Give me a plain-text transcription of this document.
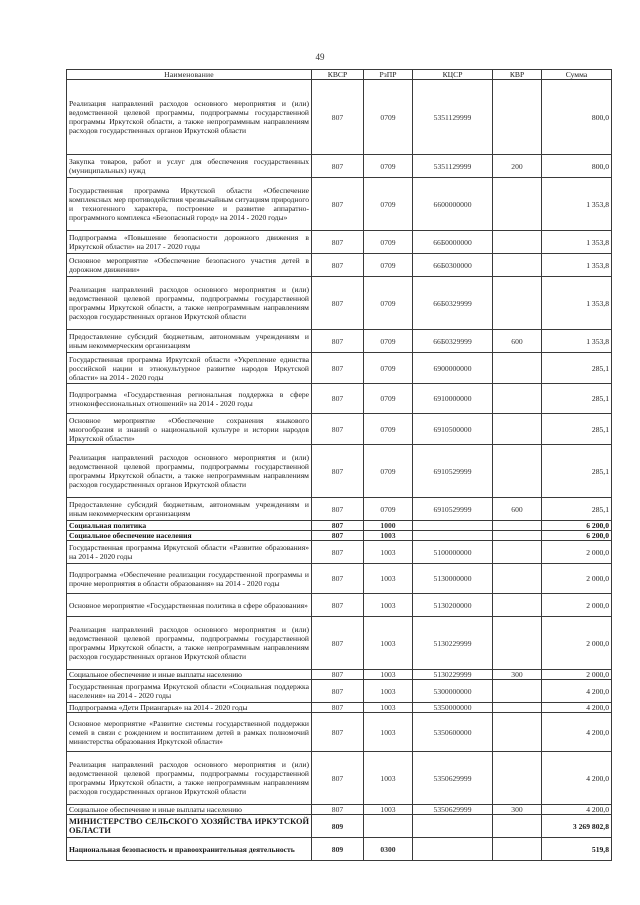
49
Наименование	КВСР	РзПР	КЦСР	КВР	Сумма
Реализация направлений расходов основного мероприятия и (или) ведомственной целевой программы, подпрограммы государственной программы Иркутской области, а также непрограммным направлениям расходов государственных органов Иркутской области	807	0709	5351129999		800,0
Закупка товаров, работ и услуг для обеспечения государственных (муниципальных) нужд	807	0709	5351129999	200	800,0
Государственная программа Иркутской области «Обеспечение комплексных мер противодействия чрезвычайным ситуациям природного и техногенного характера, построение и развитие аппаратно-программного комплекса «Безопасный город» на 2014 - 2020 годы»	807	0709	6600000000		1 353,8
Подпрограмма «Повышение безопасности дорожного движения в Иркутской области» на 2017 - 2020 годы	807	0709	66Б0000000		1 353,8
Основное мероприятие «Обеспечение безопасного участия детей в дорожном движении»	807	0709	66Б0300000		1 353,8
Реализация направлений расходов основного мероприятия и (или) ведомственной целевой программы, подпрограммы государственной программы Иркутской области, а также непрограммным направлениям расходов государственных органов Иркутской области	807	0709	66Б0329999		1 353,8
Предоставление субсидий бюджетным, автономным учреждениям и иным некоммерческим организациям	807	0709	66Б0329999	600	1 353,8
Государственная программа Иркутской области «Укрепление единства российской нации и этнокультурное развитие народов Иркутской области» на 2014 - 2020 годы	807	0709	6900000000		285,1
Подпрограмма «Государственная региональная поддержка в сфере этноконфессиональных отношений» на 2014 - 2020 годы	807	0709	6910000000		285,1
Основное мероприятие «Обеспечение сохранения языкового многообразия и знаний о национальной культуре и истории народов Иркутской области»	807	0709	6910500000		285,1
Реализация направлений расходов основного мероприятия и (или) ведомственной целевой программы, подпрограммы государственной программы Иркутской области, а также непрограммным направлениям расходов государственных органов Иркутской области	807	0709	6910529999		285,1
Предоставление субсидий бюджетным, автономным учреждениям и иным некоммерческим организациям	807	0709	6910529999	600	285,1
Социальная политика	807	1000			6 200,0
Социальное обеспечение населения	807	1003			6 200,0
Государственная программа Иркутской области «Развитие образования» на 2014 - 2020 годы	807	1003	5100000000		2 000,0
Подпрограмма «Обеспечение реализации государственной программы и прочие мероприятия в области образования» на 2014 - 2020 годы	807	1003	5130000000		2 000,0
Основное мероприятие «Государственная политика в сфере образования»	807	1003	5130200000		2 000,0
Реализация направлений расходов основного мероприятия и (или) ведомственной целевой программы, подпрограммы государственной программы Иркутской области, а также непрограммным направлениям расходов государственных органов Иркутской области	807	1003	5130229999		2 000,0
Социальное обеспечение и иные выплаты населению	807	1003	5130229999	300	2 000,0
Государственная программа Иркутской области «Социальная поддержка населения» на 2014 - 2020 годы	807	1003	5300000000		4 200,0
Подпрограмма «Дети Приангарья» на 2014 - 2020 годы	807	1003	5350000000		4 200,0
Основное мероприятие «Развитие системы государственной поддержки семей в связи с рождением и воспитанием детей в рамках полномочий министерства образования Иркутской области»	807	1003	5350600000		4 200,0
Реализация направлений расходов основного мероприятия и (или) ведомственной целевой программы, подпрограммы государственной программы Иркутской области, а также непрограммным направлениям расходов государственных органов Иркутской области	807	1003	5350629999		4 200,0
Социальное обеспечение и иные выплаты населению	807	1003	5350629999	300	4 200,0
МИНИСТЕРСТВО СЕЛЬСКОГО ХОЗЯЙСТВА ИРКУТСКОЙ ОБЛАСТИ	809				3 269 802,8
Национальная безопасность и правоохранительная деятельность	809	0300			519,8
